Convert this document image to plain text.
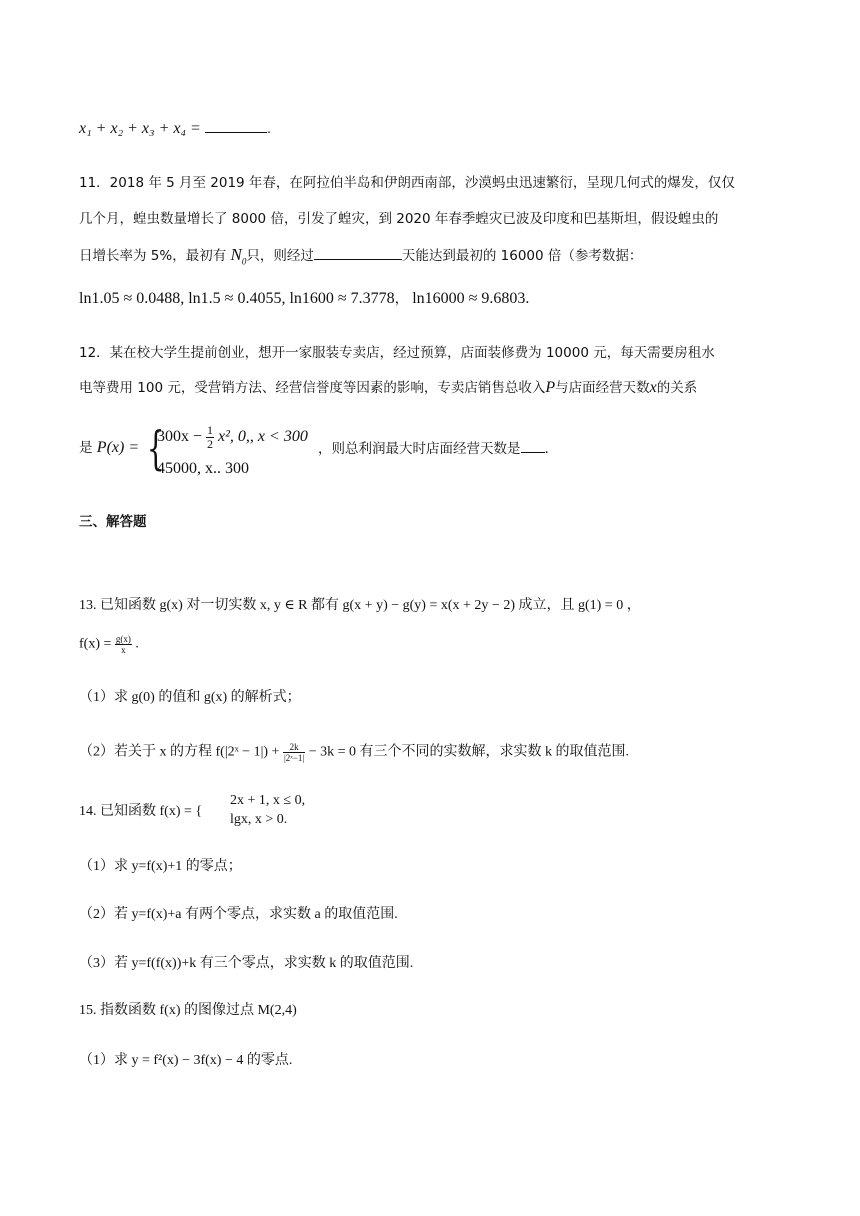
x₁ + x₂ + x₃ + x₄ =	.
11．2018 年 5 月至 2019 年春，在阿拉伯半岛和伊朗西南部，沙漠蚂虫迅速繁衍，呈现几何式的爆发，仅仅
几个月，蝗虫数量增长了 8000 倍，引发了蝗灾，到 2020 年春季蝗灾已波及印度和巴基斯坦，假设蝗虫的
日增长率为 5%，最初有 $N_0$只，则经过	天能达到最初的 16000 倍（参考数据：
ln1.05 ≈ 0.0488, ln1.5 ≈ 0.4055, ln1600 ≈ 7.3778， ln16000 ≈ 9.6803.
12．某在校大学生提前创业，想开一家服装专卖店，经过预算，店面装修费为 10000 元，每天需要房租水
电等费用 100 元，受营销方法、经营信誉度等因素的影响，专卖店销售总收入P与店面经营天数x的关系
是 P(x) = {
$300x - \frac{1}{2} x^2$, 0,, x < 300
45000, x.. 300
，则总利润最大时店面经营天数是 .
三、解答题
13. 已知函数 g(x) 对一切实数 x, y ∈ R 都有 g(x + y) − g(y) = x(x + 2y − 2) 成立，且 g(1) = 0 ，
$f(x) = \frac{g(x)}{x}$ .
（1）求 g(0) 的值和 g(x) 的解析式；
（2）若关于 x 的方程 f(|2ˣ − $1|) + \frac{2k}{\text{|2ˣ−1|}} - 3k = 0$ 有三个不同的实数解，求实数 k 的取值范围.
14. 已知函数 f(x) = {
2x + 1, x ≤ 0,
lgx, x > 0.
（1）求 y=f(x)+1 的零点；
（2）若 y=f(x)+a 有两个零点，求实数 a 的取值范围.
（3）若 y=f(f(x))+k 有三个零点，求实数 k 的取值范围.
15. 指数函数 f(x) 的图像过点 M(2,4)
（1）求 y = f²(x) − 3f(x) − 4 的零点.
